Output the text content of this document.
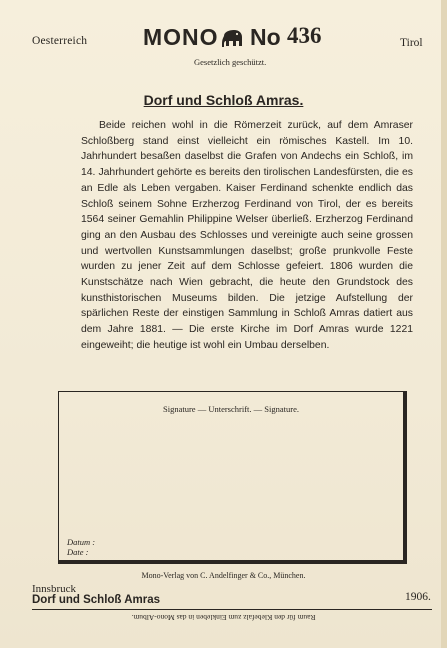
Oesterreich	Tirol
MONO No 436
Gesetzlich geschützt.
Dorf und Schloß Amras.
Beide reichen wohl in die Römerzeit zurück, auf dem Amraser Schloßberg stand einst vielleicht ein römisches Kastell. Im 10. Jahrhundert besaßen daselbst die Grafen von Andechs ein Schloß, im 14. Jahrhundert gehörte es bereits den tirolischen Landesfürsten, die es an Edle als Leben vergaben. Kaiser Ferdinand schenkte endlich das Schloß seinem Sohne Erzherzog Ferdinand von Tirol, der es bereits 1564 seiner Gemahlin Philippine Welser überließ. Erzherzog Ferdinand ging an den Ausbau des Schlosses und vereinigte auch seine grossen und wertvollen Kunstsammlungen daselbst; große prunkvolle Feste wurden zu jener Zeit auf dem Schlosse gefeiert. 1806 wurden die Kunstschätze nach Wien gebracht, die heute den Grundstock des kunsthistorischen Museums bilden. Die jetzige Aufstellung der spärlichen Reste der einstigen Sammlung in Schloß Amras datiert aus dem Jahre 1881. — Die erste Kirche im Dorf Amras wurde 1221 eingeweiht; die heutige ist wohl ein Umbau derselben.
Signature — Unterschrift. — Signature.
Datum :
Date :
Mono-Verlag von C. Andelfinger & Co., München.
Innsbruck
Dorf und Schloß Amras	1906.
Raum für den Klebefalz zum Einkleben in das Mono-Album.
